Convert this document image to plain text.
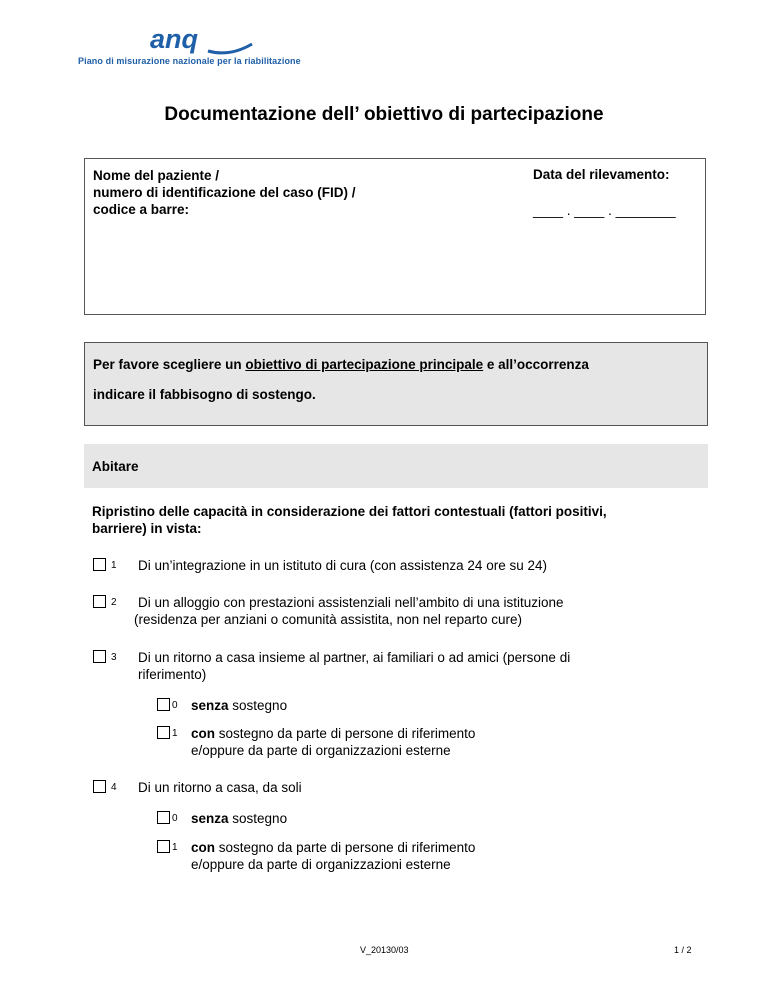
anq
Piano di misurazione nazionale per la riabilitazione
Documentazione dell’ obiettivo di partecipazione
Nome del paziente /
numero di identificazione del caso (FID) /
codice a barre:
Data del rilevamento:
____ . ____ . ________

Per favore scegliere un obiettivo di partecipazione principale e all’occorrenza

indicare il fabbisogno di sostengo.

Abitare
Ripristino delle capacità in considerazione dei fattori contestuali (fattori positivi,
barriere) in vista:
1 Di un’integrazione in un istituto di cura (con assistenza 24 ore su 24)
2 Di un alloggio con prestazioni assistenziali nell’ambito di una istituzione
(residenza per anziani o comunità assistita, non nel reparto cure)
3 Di un ritorno a casa insieme al partner, ai familiari o ad amici (persone di
riferimento)
0 senza sostegno
1 con sostegno da parte di persone di riferimento
e/oppure da parte di organizzazioni esterne
4 Di un ritorno a casa, da soli
0 senza sostegno
1 con sostegno da parte di persone di riferimento
e/oppure da parte di organizzazioni esterne
V_20130/03	1 / 2
